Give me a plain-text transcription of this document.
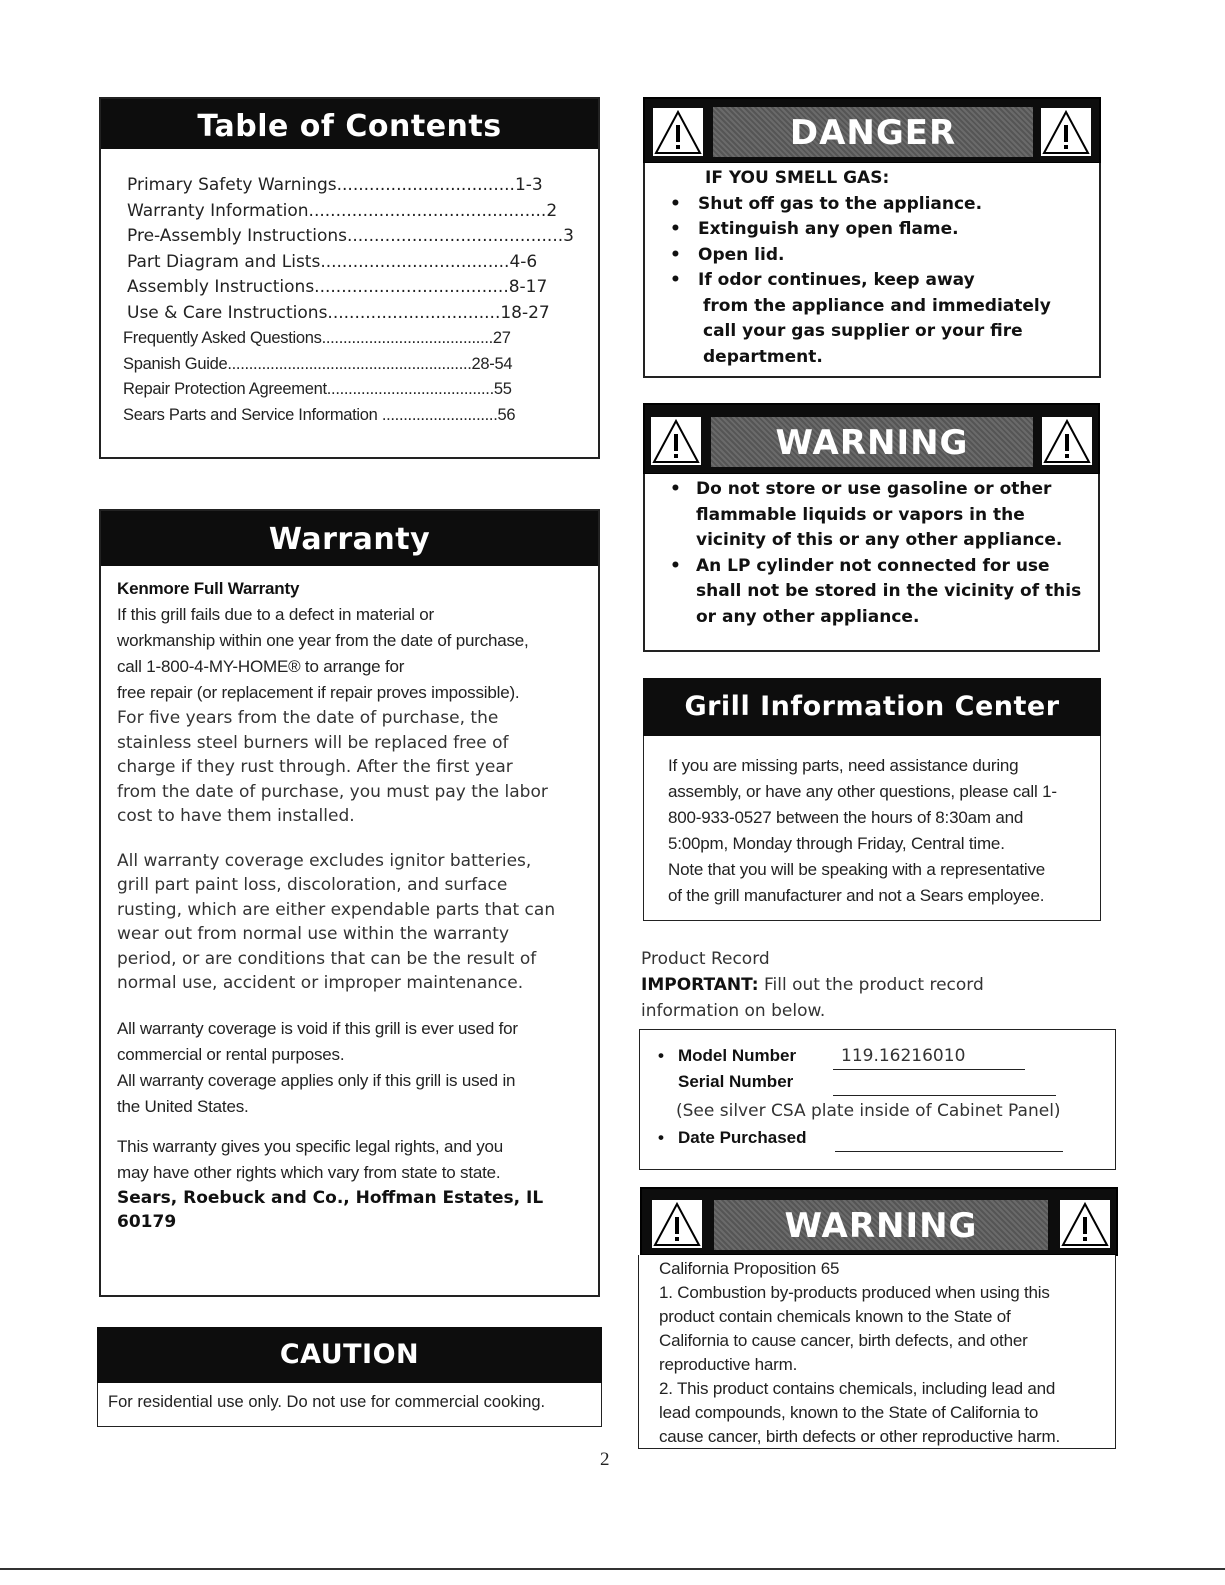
Table of Contents
Primary Safety Warnings.................................1-3
Warranty Information............................................2
Pre-Assembly Instructions........................................3
Part Diagram and Lists...................................4-6
Assembly Instructions....................................8-17
Use & Care Instructions................................18-27
Frequently Asked Questions........................................27
Spanish Guide.........................................................28-54
Repair Protection Agreement.......................................55
Sears Parts and Service Information ...........................56
Warranty
Kenmore Full Warranty
If this grill fails due to a defect in material or
workmanship within one year from the date of purchase,
call 1-800-4-MY-HOME® to arrange for
free repair (or replacement if repair proves impossible).
For five years from the date of purchase, the
stainless steel burners will be replaced free of
charge if they rust through. After the first year
from the date of purchase, you must pay the labor
cost to have them installed.
All warranty coverage excludes ignitor batteries,
grill part paint loss, discoloration, and surface
rusting, which are either expendable parts that can
wear out from normal use within the warranty
period, or are conditions that can be the result of
normal use, accident or improper maintenance.
All warranty coverage is void if this grill is ever used for
commercial or rental purposes.
All warranty coverage applies only if this grill is used in
the United States.
This warranty gives you specific legal rights, and you
may have other rights which vary from state to state.
Sears, Roebuck and Co., Hoffman Estates, IL
60179
CAUTION
For residential use only. Do not use for commercial cooking.
2
DANGER
IF YOU SMELL GAS:
• Shut off gas to the appliance.
• Extinguish any open flame.
• Open lid.
• If odor continues, keep away
from the appliance and immediately
call your gas supplier or your fire
department.
WARNING
• Do not store or use gasoline or other
flammable liquids or vapors in the
vicinity of this or any other appliance.
• An LP cylinder not connected for use
shall not be stored in the vicinity of this
or any other appliance.
Grill Information Center
If you are missing parts, need assistance during
assembly, or have any other questions, please call 1-
800-933-0527 between the hours of 8:30am and
5:00pm, Monday through Friday, Central time.
Note that you will be speaking with a representative
of the grill manufacturer and not a Sears employee.
Product Record
IMPORTANT: Fill out the product record
information on below.
• Model Number	119.16216010
Serial Number
(See silver CSA plate inside of Cabinet Panel)
• Date Purchased
WARNING
California Proposition 65
1. Combustion by-products produced when using this
product contain chemicals known to the State of
California to cause cancer, birth defects, and other
reproductive harm.
2. This product contains chemicals, including lead and
lead compounds, known to the State of California to
cause cancer, birth defects or other reproductive harm.
